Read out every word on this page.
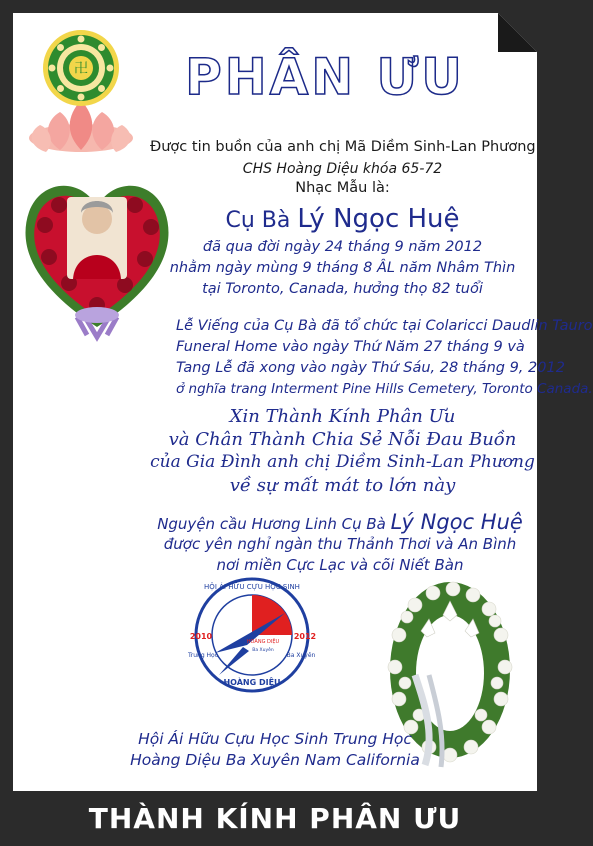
卍 PHÂN ƯU

Được tin buồn của anh chị Mã Diềm Sinh-Lan Phương

CHS Hoàng Diệu khóa 65-72

Nhạc Mẫu là:

Cụ Bà Lý Ngọc Huệ

đã qua đời ngày 24 tháng 9 năm 2012

nhằm ngày mùng 9 tháng 8 ÂL năm Nhâm Thìn

tại Toronto, Canada, hưởng thọ 82 tuổi

Lễ Viếng của Cụ Bà đã tổ chức tại Colaricci Daudlin Tauro

Funeral Home vào ngày Thứ Năm 27 tháng 9 và

Tang Lễ đã xong vào ngày Thứ Sáu, 28 tháng 9, 2012

ở nghĩa trang Interment Pine Hills Cemetery, Toronto Canada.

Xin Thành Kính Phân Ưu

và Chân Thành Chia Sẻ Nỗi Đau Buồn

của Gia Đình anh chị Diềm Sinh-Lan Phương

về sự mất mát to lớn này

Nguyện cầu Hương Linh Cụ Bà Lý Ngọc Huệ

được yên nghỉ ngàn thu Thảnh Thơi và An Bình

nơi miền Cực Lạc và cõi Niết Bàn

HỘI ÁI HỮU CỰU HỌC SINH
2010	2012
Trung Học	Ba Xuyên
HOÀNG DIỆU
Ba Xuyên
HOÀNG DIỆU

Hội Ái Hữu Cựu Học Sinh Trung Học

Hoàng Diệu Ba Xuyên Nam California

THÀNH KÍNH PHÂN ƯU
